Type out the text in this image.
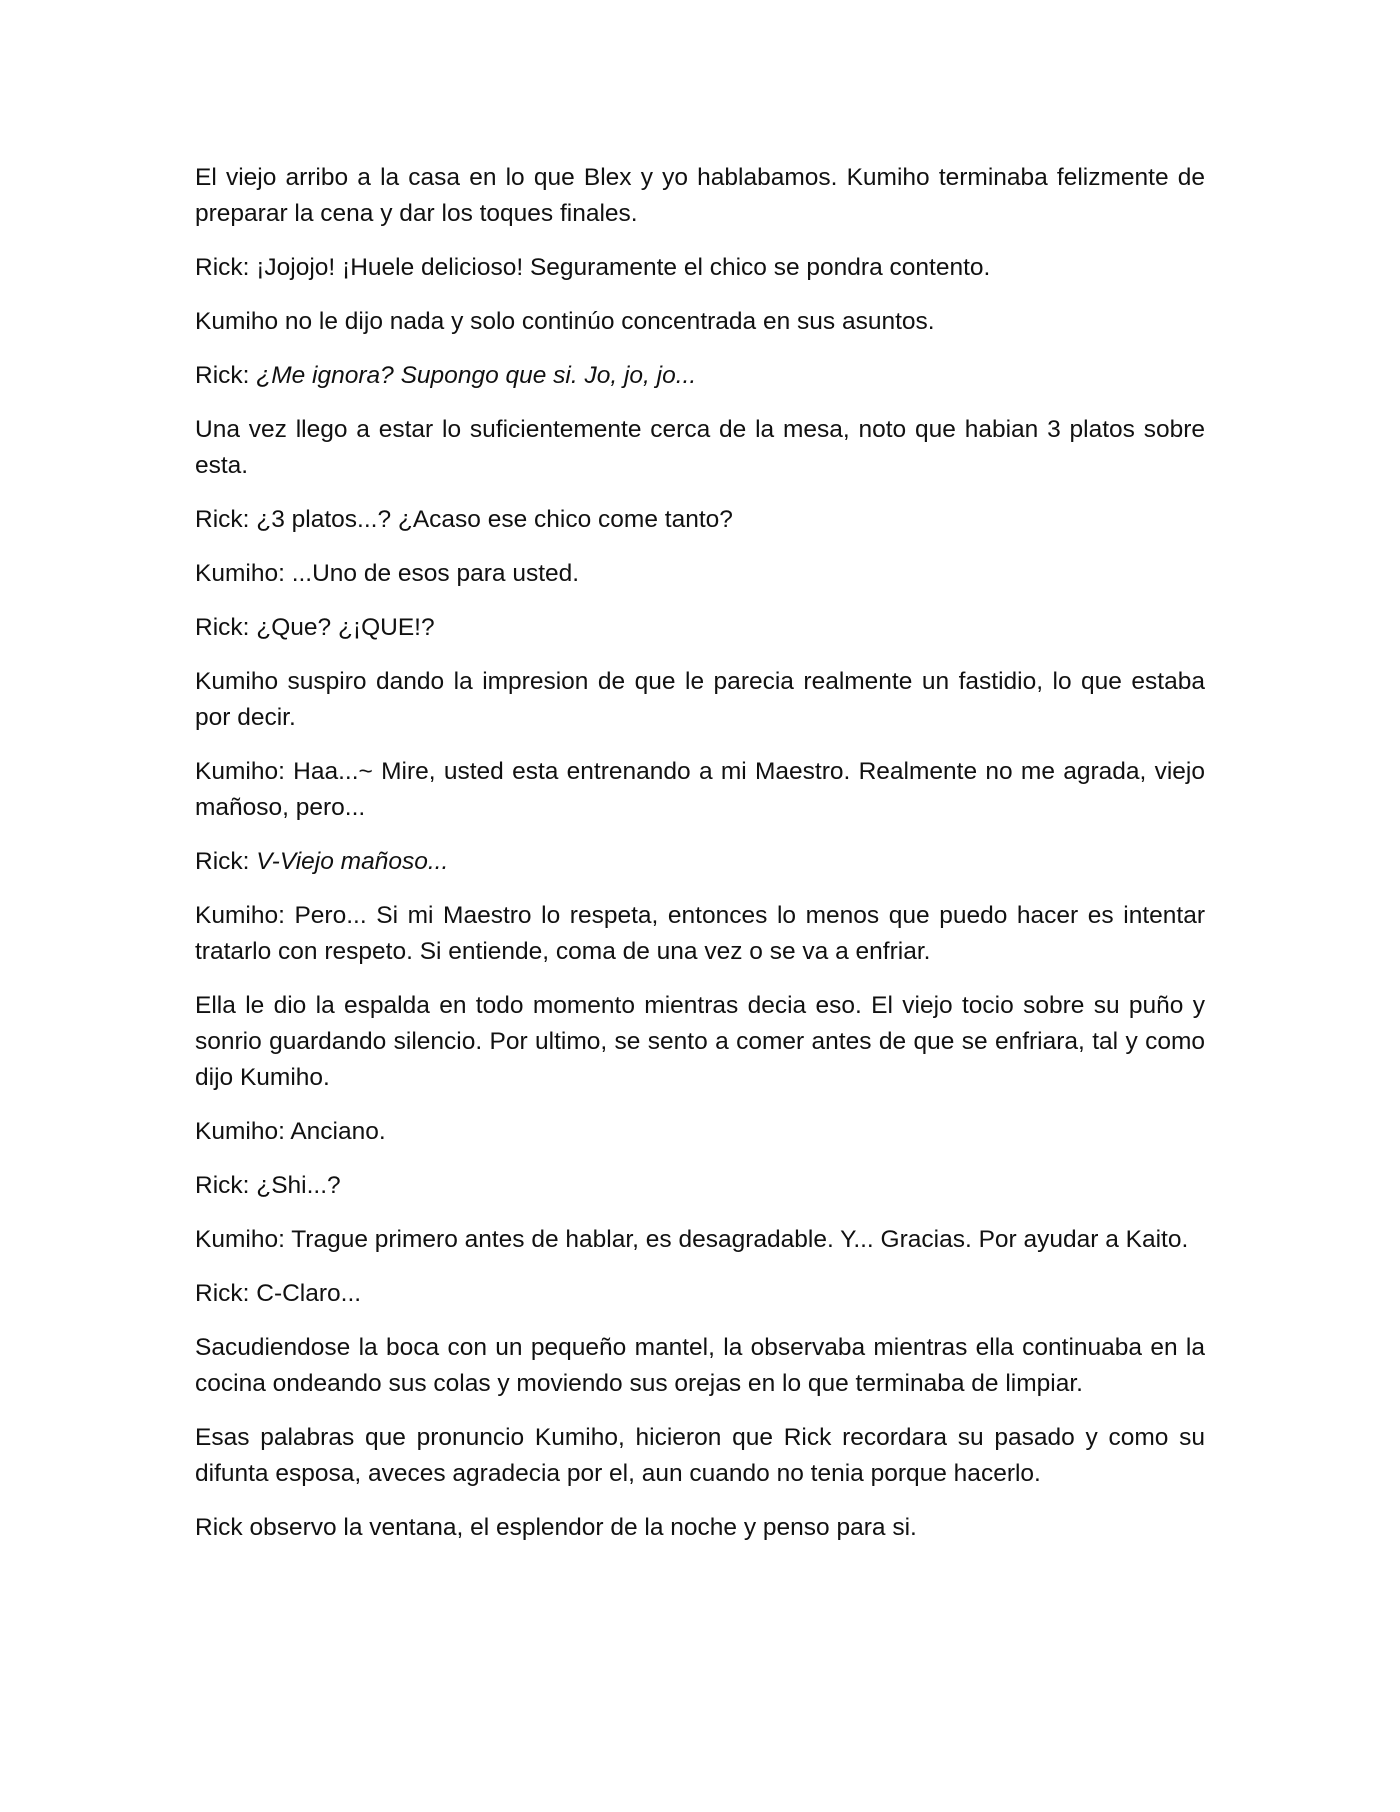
El viejo arribo a la casa en lo que Blex y yo hablabamos. Kumiho terminaba felizmente de preparar la cena y dar los toques finales.

Rick: ¡Jojojo! ¡Huele delicioso! Seguramente el chico se pondra contento.

Kumiho no le dijo nada y solo continúo concentrada en sus asuntos.

Rick: ¿Me ignora? Supongo que si. Jo, jo, jo...

Una vez llego a estar lo suficientemente cerca de la mesa, noto que habian 3 platos sobre esta.

Rick: ¿3 platos...? ¿Acaso ese chico come tanto?

Kumiho: ...Uno de esos para usted.

Rick: ¿Que? ¿¡QUE!?

Kumiho suspiro dando la impresion de que le parecia realmente un fastidio, lo que estaba por decir.

Kumiho: Haa...~ Mire, usted esta entrenando a mi Maestro. Realmente no me agrada, viejo mañoso, pero...

Rick: V-Viejo mañoso...

Kumiho: Pero... Si mi Maestro lo respeta, entonces lo menos que puedo hacer es intentar tratarlo con respeto. Si entiende, coma de una vez o se va a enfriar.

Ella le dio la espalda en todo momento mientras decia eso. El viejo tocio sobre su puño y sonrio guardando silencio. Por ultimo, se sento a comer antes de que se enfriara, tal y como dijo Kumiho.

Kumiho: Anciano.

Rick: ¿Shi...?

Kumiho: Trague primero antes de hablar, es desagradable. Y... Gracias. Por ayudar a Kaito.

Rick: C-Claro...

Sacudiendose la boca con un pequeño mantel, la observaba mientras ella continuaba en la cocina ondeando sus colas y moviendo sus orejas en lo que terminaba de limpiar.

Esas palabras que pronuncio Kumiho, hicieron que Rick recordara su pasado y como su difunta esposa, aveces agradecia por el, aun cuando no tenia porque hacerlo.

Rick observo la ventana, el esplendor de la noche y penso para si.
